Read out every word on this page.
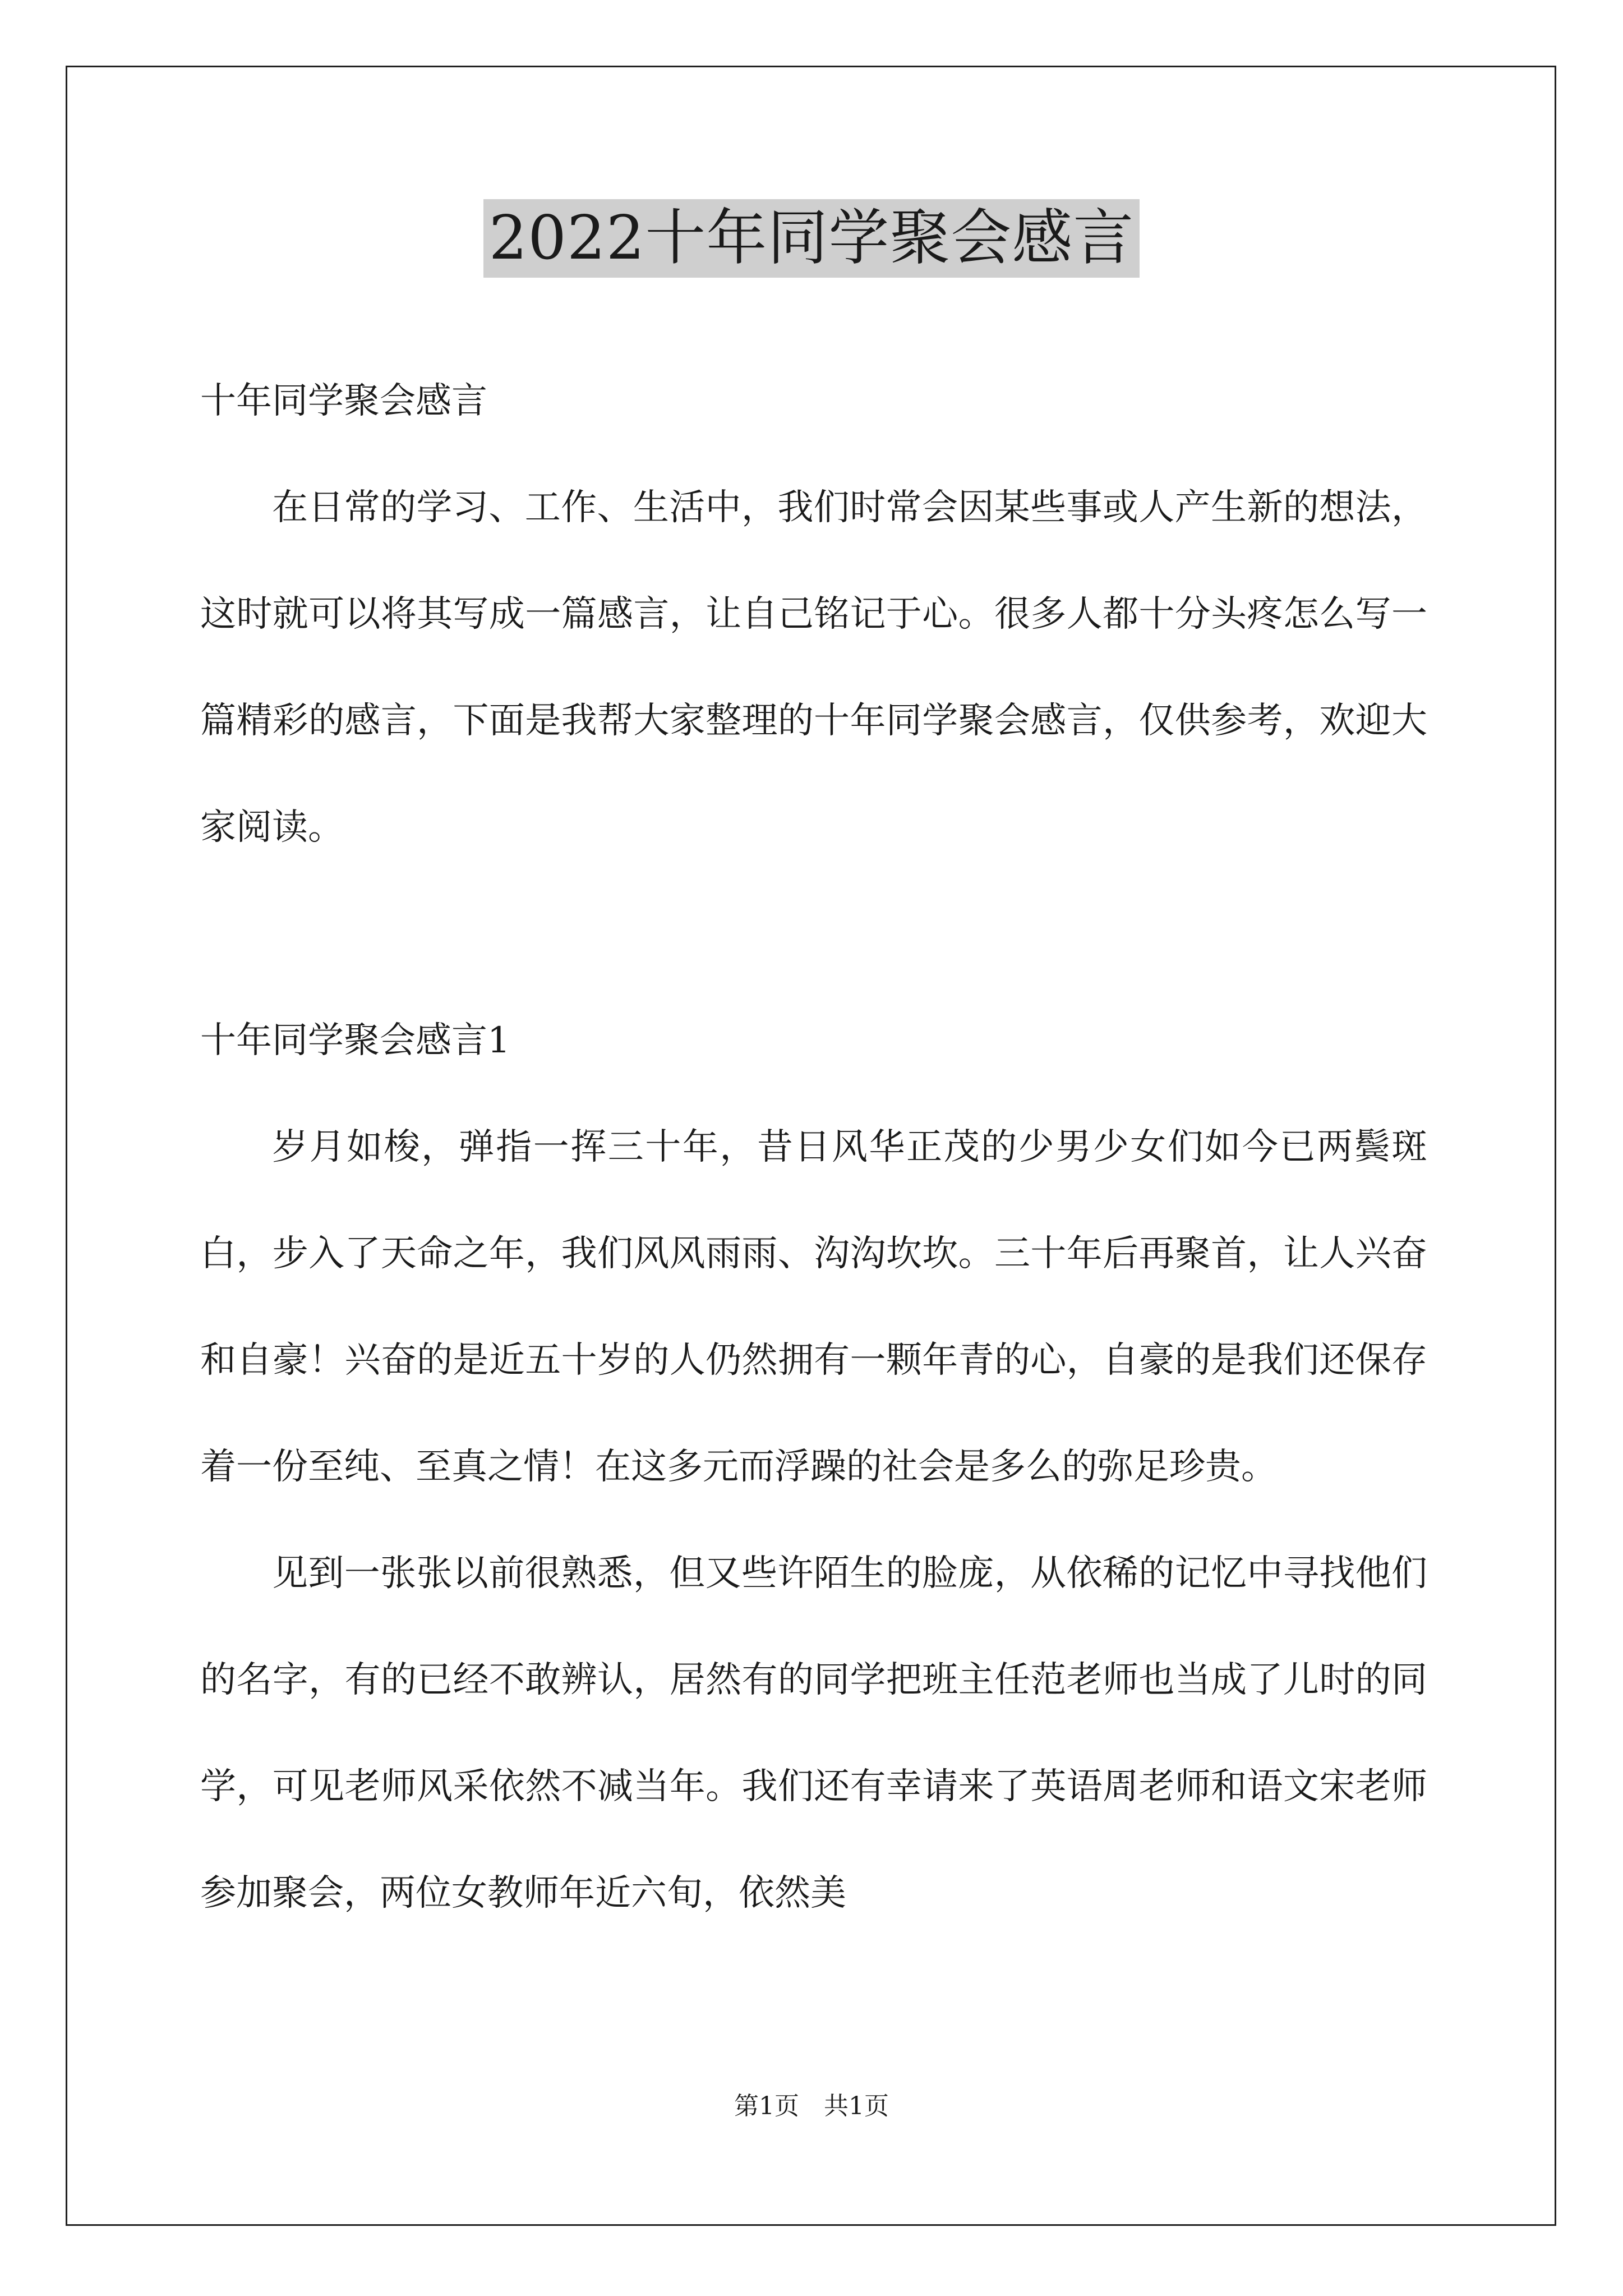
2022十年同学聚会感言

十年同学聚会感言

在日常的学习、工作、生活中，我们时常会因某些事或人产生新的想法，这时就可以将其写成一篇感言，让自己铭记于心。很多人都十分头疼怎么写一篇精彩的感言，下面是我帮大家整理的十年同学聚会感言，仅供参考，欢迎大家阅读。

十年同学聚会感言1

岁月如梭，弹指一挥三十年，昔日风华正茂的少男少女们如今已两鬓斑白，步入了天命之年，我们风风雨雨、沟沟坎坎。三十年后再聚首，让人兴奋和自豪！兴奋的是近五十岁的人仍然拥有一颗年青的心，自豪的是我们还保存着一份至纯、至真之情！在这多元而浮躁的社会是多么的弥足珍贵。

见到一张张以前很熟悉，但又些许陌生的脸庞，从依稀的记忆中寻找他们的名字，有的已经不敢辨认，居然有的同学把班主任范老师也当成了儿时的同学，可见老师风采依然不减当年。我们还有幸请来了英语周老师和语文宋老师参加聚会，两位女教师年近六旬，依然美

第1页　共1页
